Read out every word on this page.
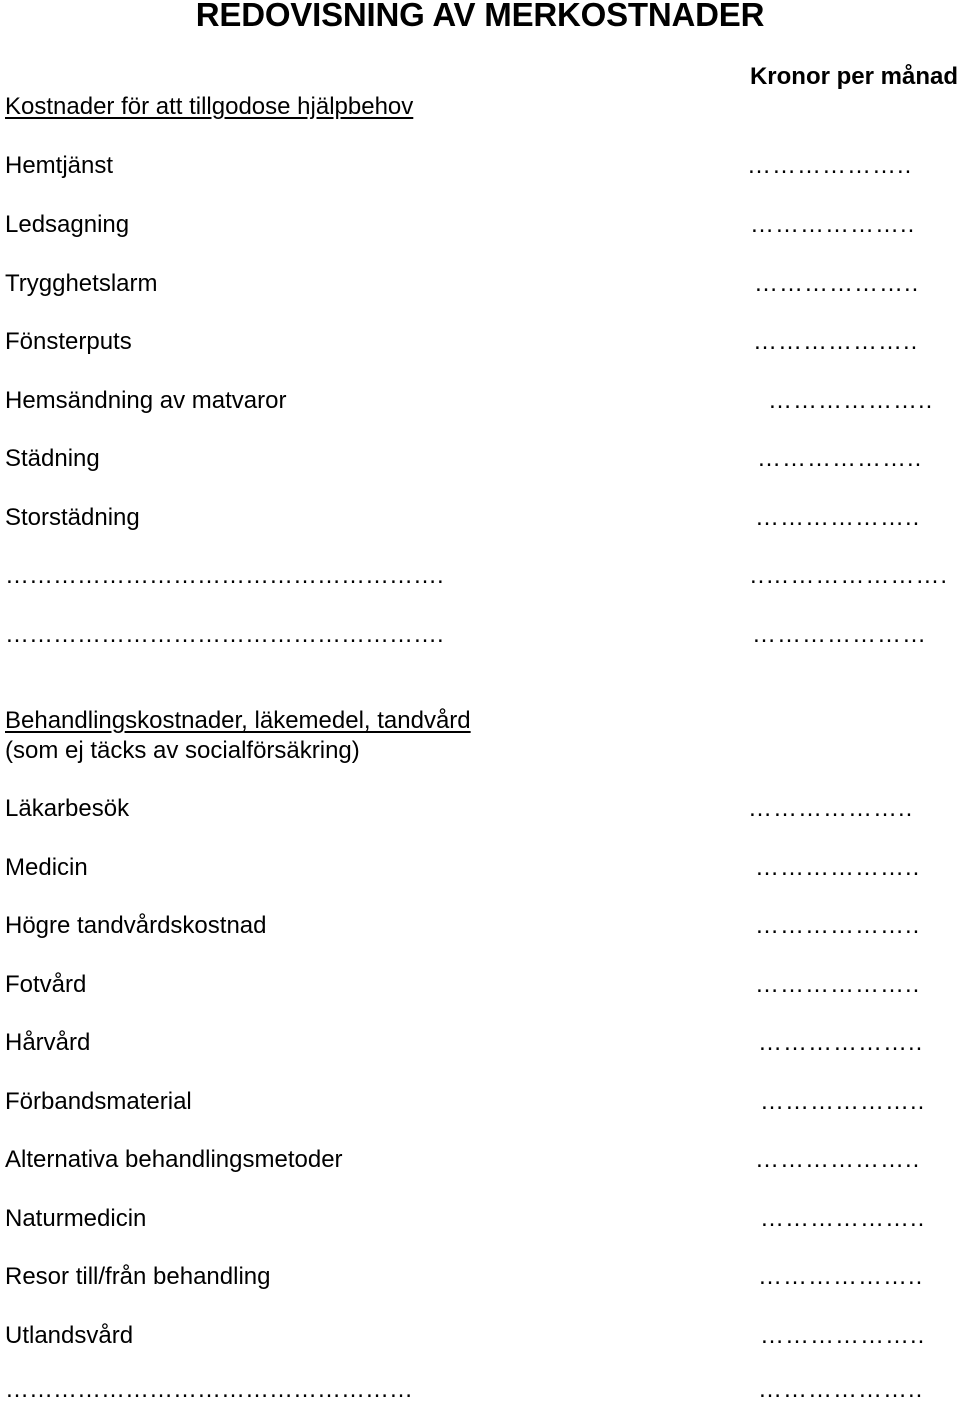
REDOVISNING AV MERKOSTNADER
Kronor per månad
Kostnader för att tillgodose hjälpbehov
Hemtjänst	………………..
Ledsagning	………………..
Trygghetslarm	………………..
Fönsterputs	………………..
Hemsändning av matvaror	………………..
Städning	………………..
Storstädning	………………..
……………………………………………….	..………………….
……………………………………………….	…………………
Behandlingskostnader, läkemedel, tandvård
(som ej täcks av socialförsäkring)
Läkarbesök	………………..
Medicin	………………..
Högre tandvårdskostnad	………………..
Fotvård	………………..
Hårvård	………………..
Förbandsmaterial	………………..
Alternativa behandlingsmetoder	………………..
Naturmedicin	………………..
Resor till/från behandling	………………..
Utlandsvård	………………..
……………………………………………	………………..
